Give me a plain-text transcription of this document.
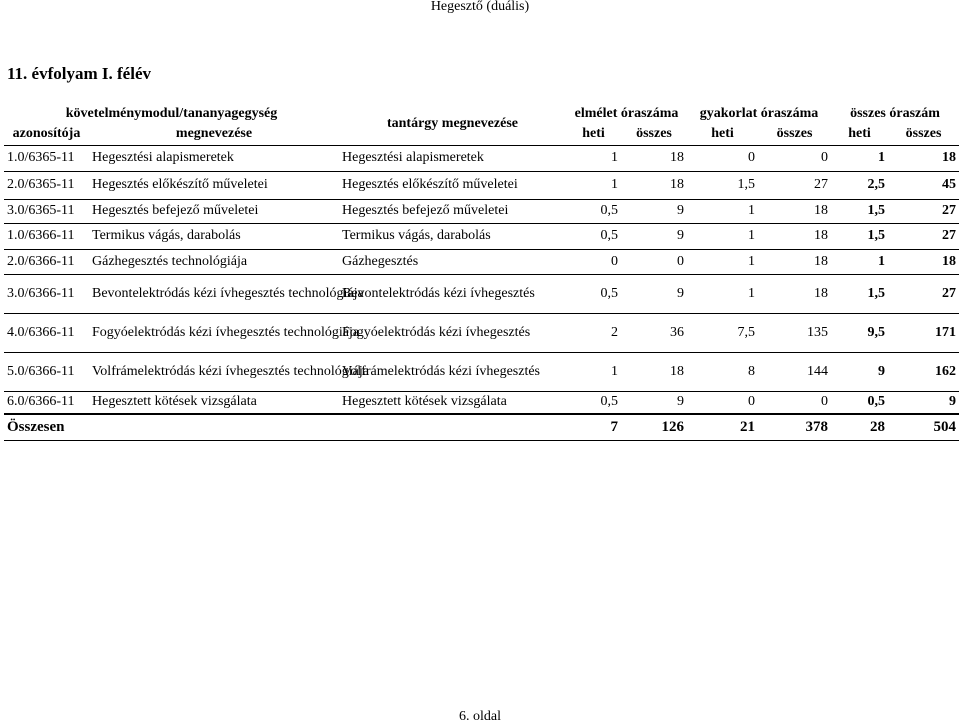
Hegesztő (duális)
11. évfolyam I. félév
követelménymodul/tananyagegység		tantárgy megnevezése	elmélet óraszáma		gyakorlat óraszáma		összes óraszám	
azonosítója	megnevezése		heti	összes	heti	összes	heti	összes
1.0/6365-11	Hegesztési alapismeretek	Hegesztési alapismeretek	1	18	0	0	1	18
2.0/6365-11	Hegesztés előkészítő műveletei	Hegesztés előkészítő műveletei	1	18	1,5	27	2,5	45
3.0/6365-11	Hegesztés befejező műveletei	Hegesztés befejező műveletei	0,5	9	1	18	1,5	27
1.0/6366-11	Termikus vágás, darabolás	Termikus vágás, darabolás	0,5	9	1	18	1,5	27
2.0/6366-11	Gázhegesztés technológiája	Gázhegesztés	0	0	1	18	1	18
3.0/6366-11	Bevontelektródás kézi ívhegesztés technológiája	Bevontelektródás kézi ívhegesztés	0,5	9	1	18	1,5	27
4.0/6366-11	Fogyóelektródás kézi ívhegesztés technológiája	Fogyóelektródás kézi ívhegesztés	2	36	7,5	135	9,5	171
5.0/6366-11	Volfrámelektródás kézi ívhegesztés technológiája	Volfrámelektródás kézi ívhegesztés	1	18	8	144	9	162
6.0/6366-11	Hegesztett kötések vizsgálata	Hegesztett kötések vizsgálata	0,5	9	0	0	0,5	9
Összesen			7	126	21	378	28	504
6. oldal
